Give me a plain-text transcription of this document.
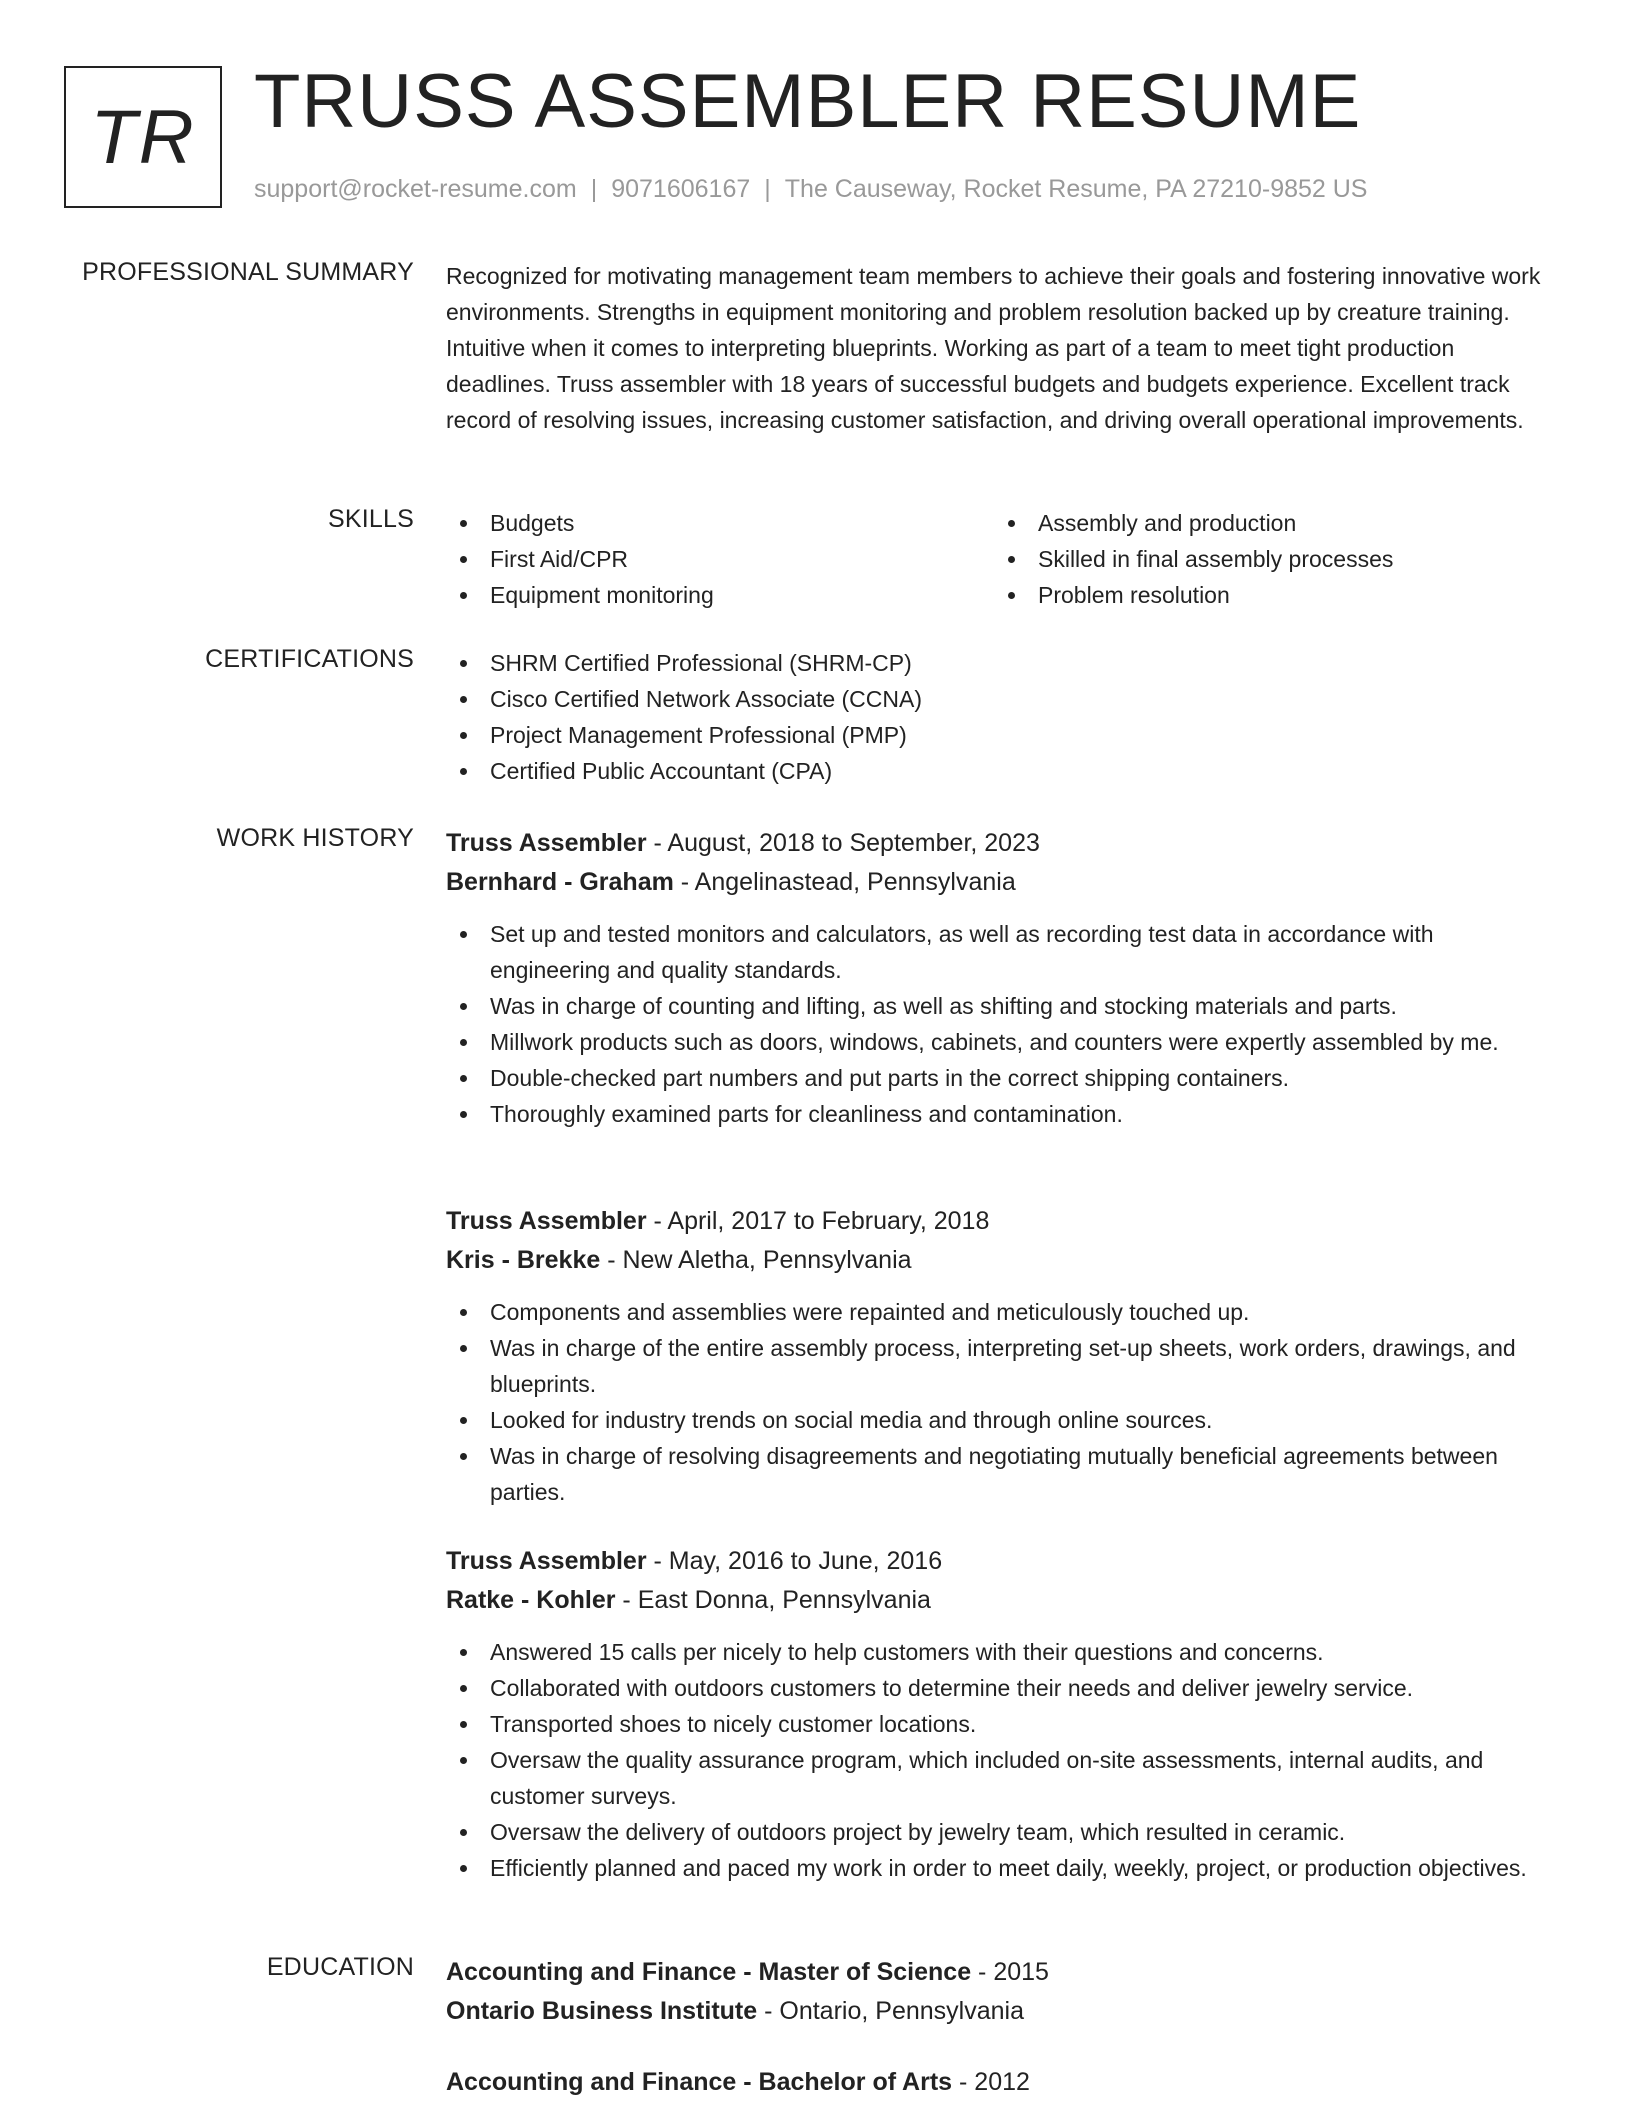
TR TRUSS ASSEMBLER RESUME
support@rocket-resume.com | 9071606167 | The Causeway, Rocket Resume, PA 27210-9852 US
PROFESSIONAL SUMMARY Recognized for motivating management team members to achieve their goals and fostering innovative work environments. Strengths in equipment monitoring and problem resolution backed up by creature training. Intuitive when it comes to interpreting blueprints. Working as part of a team to meet tight production deadlines. Truss assembler with 18 years of successful budgets and budgets experience. Excellent track record of resolving issues, increasing customer satisfaction, and driving overall operational improvements.
SKILLS	Budgets
First Aid/CPR
Equipment monitoring
Assembly and production
Skilled in final assembly processes
Problem resolution
CERTIFICATIONS	SHRM Certified Professional (SHRM-CP)
Cisco Certified Network Associate (CCNA)
Project Management Professional (PMP)
Certified Public Accountant (CPA)
WORK HISTORY Truss Assembler - August, 2018 to September, 2023
Bernhard - Graham - Angelinastead, Pennsylvania
Set up and tested monitors and calculators, as well as recording test data in accordance with engineering and quality standards.
Was in charge of counting and lifting, as well as shifting and stocking materials and parts.
Millwork products such as doors, windows, cabinets, and counters were expertly assembled by me.
Double-checked part numbers and put parts in the correct shipping containers.
Thoroughly examined parts for cleanliness and contamination.
Truss Assembler - April, 2017 to February, 2018
Kris - Brekke - New Aletha, Pennsylvania
Components and assemblies were repainted and meticulously touched up.
Was in charge of the entire assembly process, interpreting set-up sheets, work orders, drawings, and blueprints.
Looked for industry trends on social media and through online sources.
Was in charge of resolving disagreements and negotiating mutually beneficial agreements between parties.
Truss Assembler - May, 2016 to June, 2016
Ratke - Kohler - East Donna, Pennsylvania
Answered 15 calls per nicely to help customers with their questions and concerns.
Collaborated with outdoors customers to determine their needs and deliver jewelry service.
Transported shoes to nicely customer locations.
Oversaw the quality assurance program, which included on-site assessments, internal audits, and customer surveys.
Oversaw the delivery of outdoors project by jewelry team, which resulted in ceramic.
Efficiently planned and paced my work in order to meet daily, weekly, project, or production objectives.
EDUCATION Accounting and Finance - Master of Science - 2015
Ontario Business Institute - Ontario, Pennsylvania
Accounting and Finance - Bachelor of Arts - 2012
